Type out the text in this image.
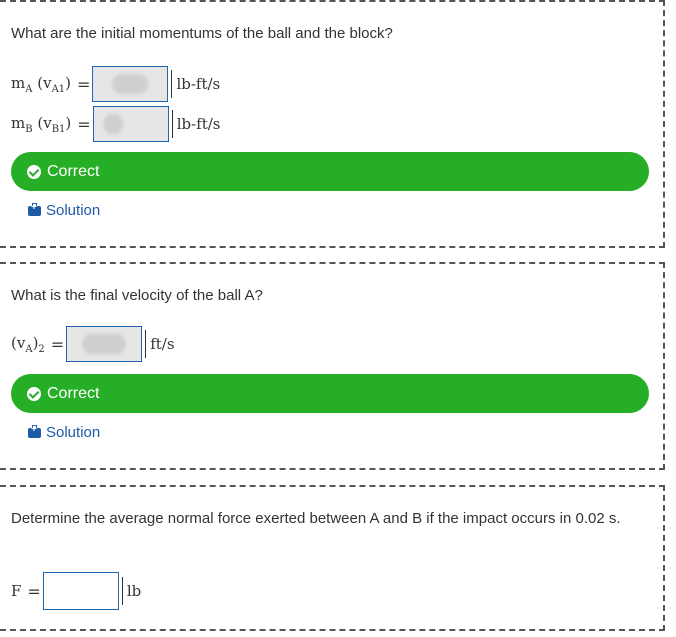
What are the initial momentums of the ball and the block?
$m_A$ $(v_{A1})$ =	lb-ft/s
$m_B$ $(v_{B1})$ =	lb-ft/s
Correct
+
Solution
What is the final velocity of the ball A?
$(v_A)_2$ =	ft/s
Correct
+
Solution
Determine the average normal force exerted between A and B if the impact occurs in 0.02 s.
F =	lb
